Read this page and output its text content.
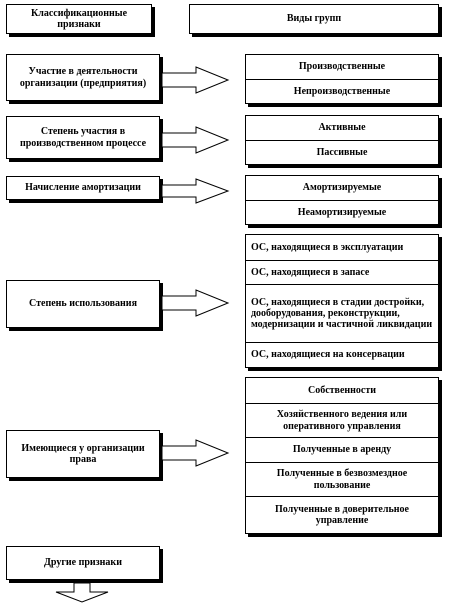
Классификационные признаки
Виды групп
Участие в деятельности организации (предприятия)
Производственные
Непроизводственные
Степень участия в производственном процессе
Активные
Пассивные
Начисление амортизации	Амортизируемые
Неамортизируемые
Степень использования
ОС, находящиеся в эксплуатации
ОС, находящиеся в запасе
ОС, находящиеся в стадии достройки, дооборудования, реконструкции, модернизации и частичной ликвидации
ОС, находящиеся на консервации
Имеющиеся у организации права
Собственности
Хозяйственного ведения или оперативного управления
Полученные в аренду
Полученные в безвозмездное пользование
Полученные в доверительное управление
Другие признаки
